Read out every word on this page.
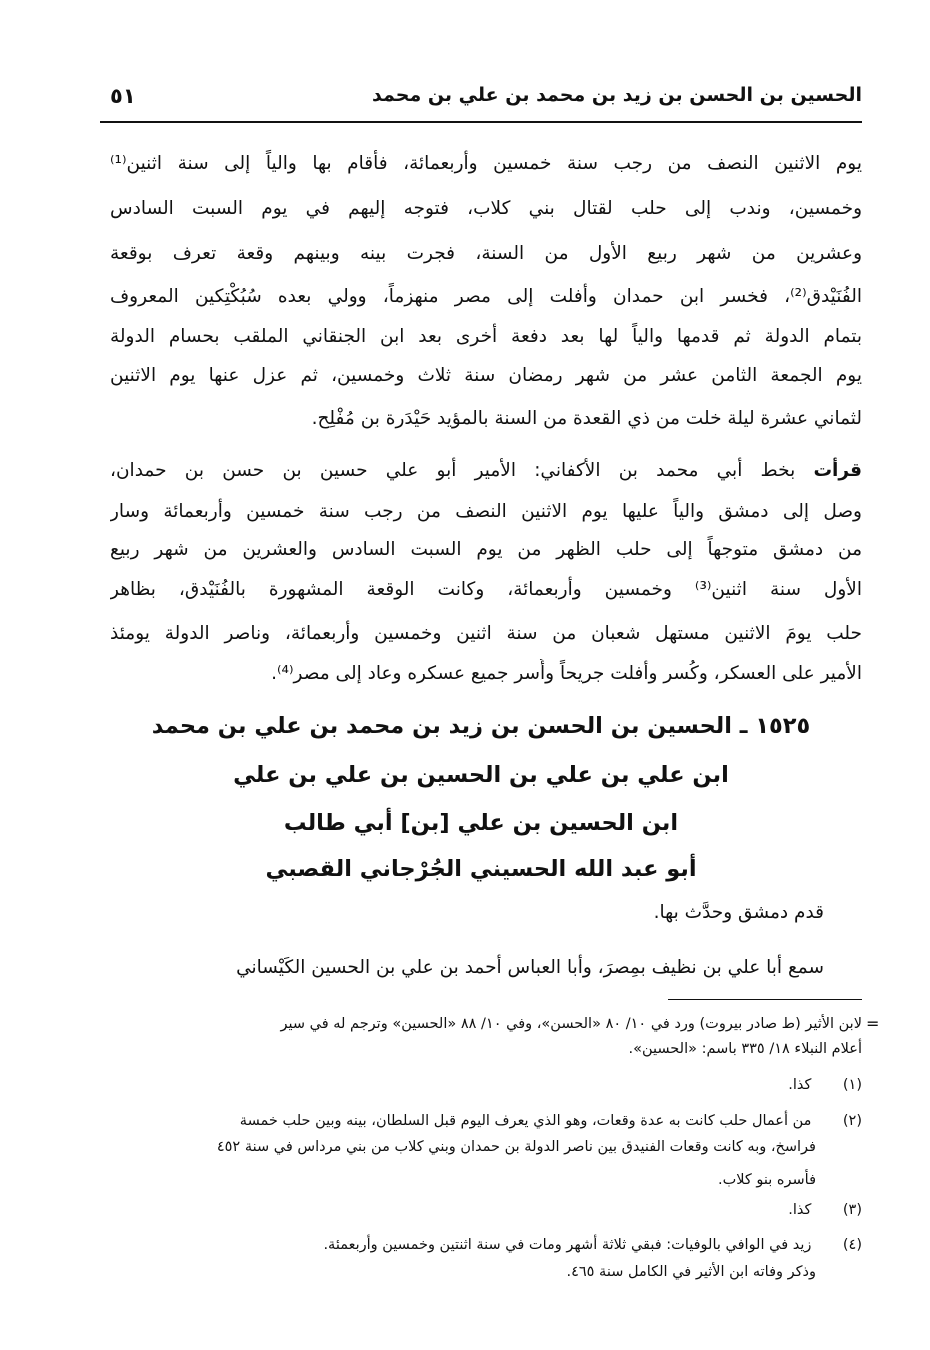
الحسين بن الحسن بن زيد بن محمد بن علي بن محمد
٥١
يوم الاثنين النصف من رجب سنة خمسين وأربعمائة، فأقام بها والياً إلى سنة اثنين⁽¹⁾
وخمسين، وندب إلى حلب لقتال بني كلاب، فتوجه إليهم في يوم السبت السادس
وعشرين من شهر ربيع الأول من السنة، فجرت بينه وبينهم وقعة تعرف بوقعة
الفُنَيْدق⁽²⁾، فخسر ابن حمدان وأفلت إلى مصر منهزماً، وولي بعده سُبُكْتِكين المعروف
بتمام الدولة ثم قدمها والياً لها بعد دفعة أخرى بعد ابن الجنقاني الملقب بحسام الدولة
يوم الجمعة الثامن عشر من شهر رمضان سنة ثلاث وخمسين، ثم عزل عنها يوم الاثنين
لثماني عشرة ليلة خلت من ذي القعدة من السنة بالمؤيد حَيْدَرة بن مُفْلِح.
قرأت بخط أبي محمد بن الأكفاني: الأمير أبو علي حسين بن حسن بن حمدان،
وصل إلى دمشق والياً عليها يوم الاثنين النصف من رجب سنة خمسين وأربعمائة وسار
من دمشق متوجهاً إلى حلب الظهر من يوم السبت السادس والعشرين من شهر ربيع
الأول سنة اثنين⁽³⁾ وخمسين وأربعمائة، وكانت الوقعة المشهورة بالفُنَيْدق، بظاهر
حلب يومَ الاثنين مستهل شعبان من سنة اثنين وخمسين وأربعمائة، وناصر الدولة يومئذ
الأمير على العسكر، وكُسر وأفلت جريحاً وأُسر جميع عسكره وعاد إلى مصر⁽⁴⁾.
١٥٢٥ ـ الحسين بن الحسن بن زيد بن محمد بن علي بن محمد
ابن علي بن علي بن الحسين بن علي بن علي
ابن الحسين بن علي [بن] أبي طالب
أبو عبد الله الحسيني الجُرْجاني القصبي
قدم دمشق وحدَّث بها.
سمع أبا علي بن نظيف بمِصرَ، وأبا العباس أحمد بن علي بن الحسين الكَيْساني
=
لابن الأثير (ط صادر بيروت) ورد في ١٠/ ٨٠ «الحسن»، وفي ١٠/ ٨٨ «الحسين» وترجم له في سير
أعلام النبلاء ١٨/ ٣٣٥ باسم: «الحسين».
(١) كذا.
(٢) من أعمال حلب كانت به عدة وقعات، وهو الذي يعرف اليوم قبل السلطان، بينه وبين حلب خمسة
فراسخ، وبه كانت وقعات الفنيدق بين ناصر الدولة بن حمدان وبني كلاب من بني مرداس في سنة ٤٥٢
فأسره بنو كلاب.
(٣) كذا.
(٤) زيد في الوافي بالوفيات: فبقي ثلاثة أشهر ومات في سنة اثنتين وخمسين وأربعمئة.
وذكر وفاته ابن الأثير في الكامل سنة ٤٦٥.
